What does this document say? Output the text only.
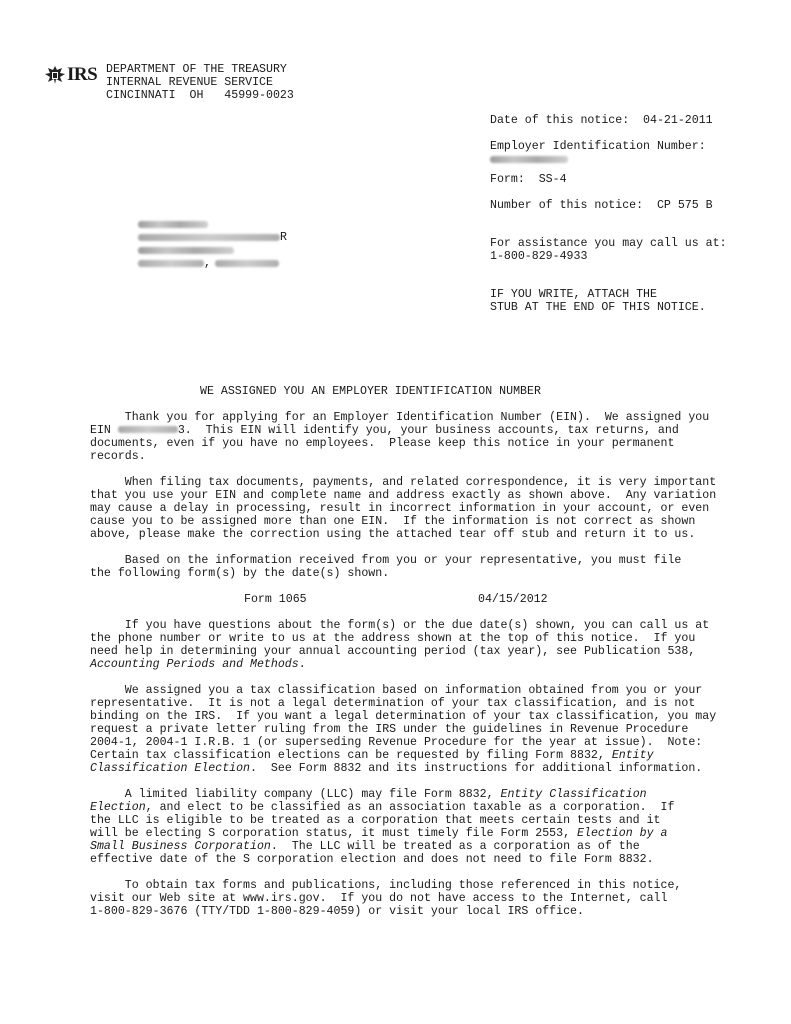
IRS DEPARTMENT OF THE TREASURY
INTERNAL REVENUE SERVICE
CINCINNATI  OH   45999-0023
Date of this notice:  04-21-2011
Employer Identification Number:
Form:  SS-4
Number of this notice:  CP 575 B
For assistance you may call us at:
1-800-829-4933
IF YOU WRITE, ATTACH THE
STUB AT THE END OF THIS NOTICE.
R
,
WE ASSIGNED YOU AN EMPLOYER IDENTIFICATION NUMBER
Thank you for applying for an Employer Identification Number (EIN).  We assigned you
EIN	3.  This EIN will identify you, your business accounts, tax returns, and
documents, even if you have no employees.  Please keep this notice in your permanent
records.
When filing tax documents, payments, and related correspondence, it is very important
that you use your EIN and complete name and address exactly as shown above.  Any variation
may cause a delay in processing, result in incorrect information in your account, or even
cause you to be assigned more than one EIN.  If the information is not correct as shown
above, please make the correction using the attached tear off stub and return it to us.
Based on the information received from you or your representative, you must file
the following form(s) by the date(s) shown.
Form 1065	04/15/2012
If you have questions about the form(s) or the due date(s) shown, you can call us at
the phone number or write to us at the address shown at the top of this notice.  If you
need help in determining your annual accounting period (tax year), see Publication 538,
Accounting Periods and Methods.
We assigned you a tax classification based on information obtained from you or your
representative.  It is not a legal determination of your tax classification, and is not
binding on the IRS.  If you want a legal determination of your tax classification, you may
request a private letter ruling from the IRS under the guidelines in Revenue Procedure
2004-1, 2004-1 I.R.B. 1 (or superseding Revenue Procedure for the year at issue).  Note:
Certain tax classification elections can be requested by filing Form 8832, Entity
Classification Election.  See Form 8832 and its instructions for additional information.
A limited liability company (LLC) may file Form 8832, Entity Classification
Election, and elect to be classified as an association taxable as a corporation.  If
the LLC is eligible to be treated as a corporation that meets certain tests and it
will be electing S corporation status, it must timely file Form 2553, Election by a
Small Business Corporation.  The LLC will be treated as a corporation as of the
effective date of the S corporation election and does not need to file Form 8832.
To obtain tax forms and publications, including those referenced in this notice,
visit our Web site at www.irs.gov.  If you do not have access to the Internet, call
1-800-829-3676 (TTY/TDD 1-800-829-4059) or visit your local IRS office.
